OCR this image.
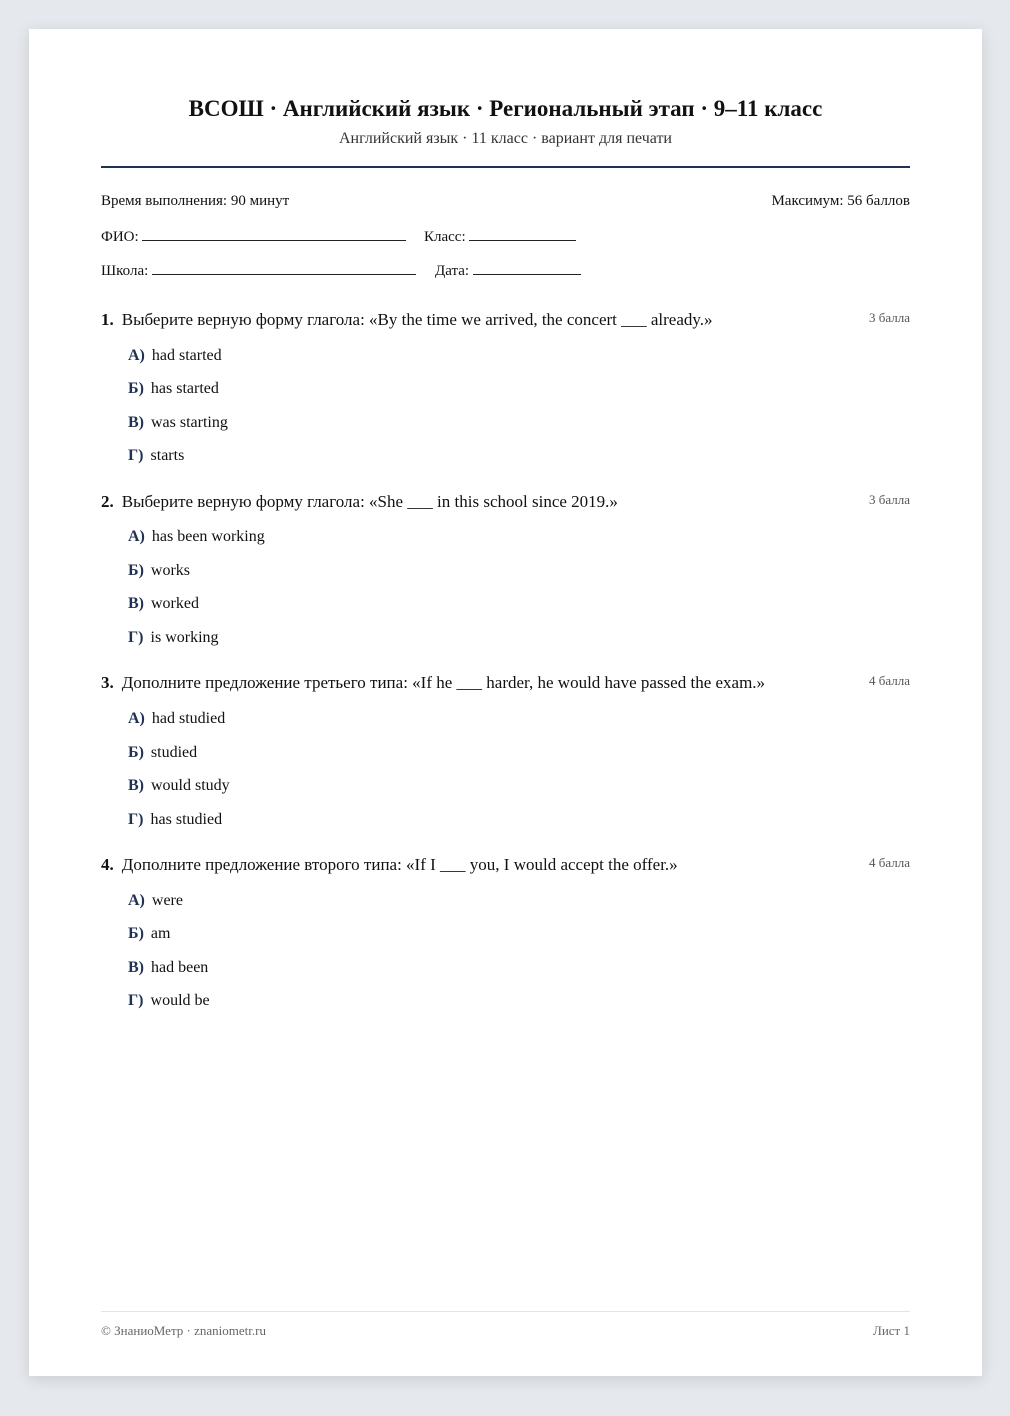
ВСОШ · Английский язык · Региональный этап · 9–11 класс
Английский язык · 11 класс · вариант для печати
Время выполнения: 90 минут	Максимум: 56 баллов
ФИО:	Класс:
Школа:	Дата:
1. Выберите верную форму глагола: «By the time we arrived, the concert ___ already.»	3 балла
А) had started
Б) has started
В) was starting
Г) starts
2. Выберите верную форму глагола: «She ___ in this school since 2019.»	3 балла
А) has been working
Б) works
В) worked
Г) is working
3. Дополните предложение третьего типа: «If he ___ harder, he would have passed the exam.»	4 балла
А) had studied
Б) studied
В) would study
Г) has studied
4. Дополните предложение второго типа: «If I ___ you, I would accept the offer.»	4 балла
А) were
Б) am
В) had been
Г) would be
© ЗнаниоМетр · znaniometr.ru	Лист 1
